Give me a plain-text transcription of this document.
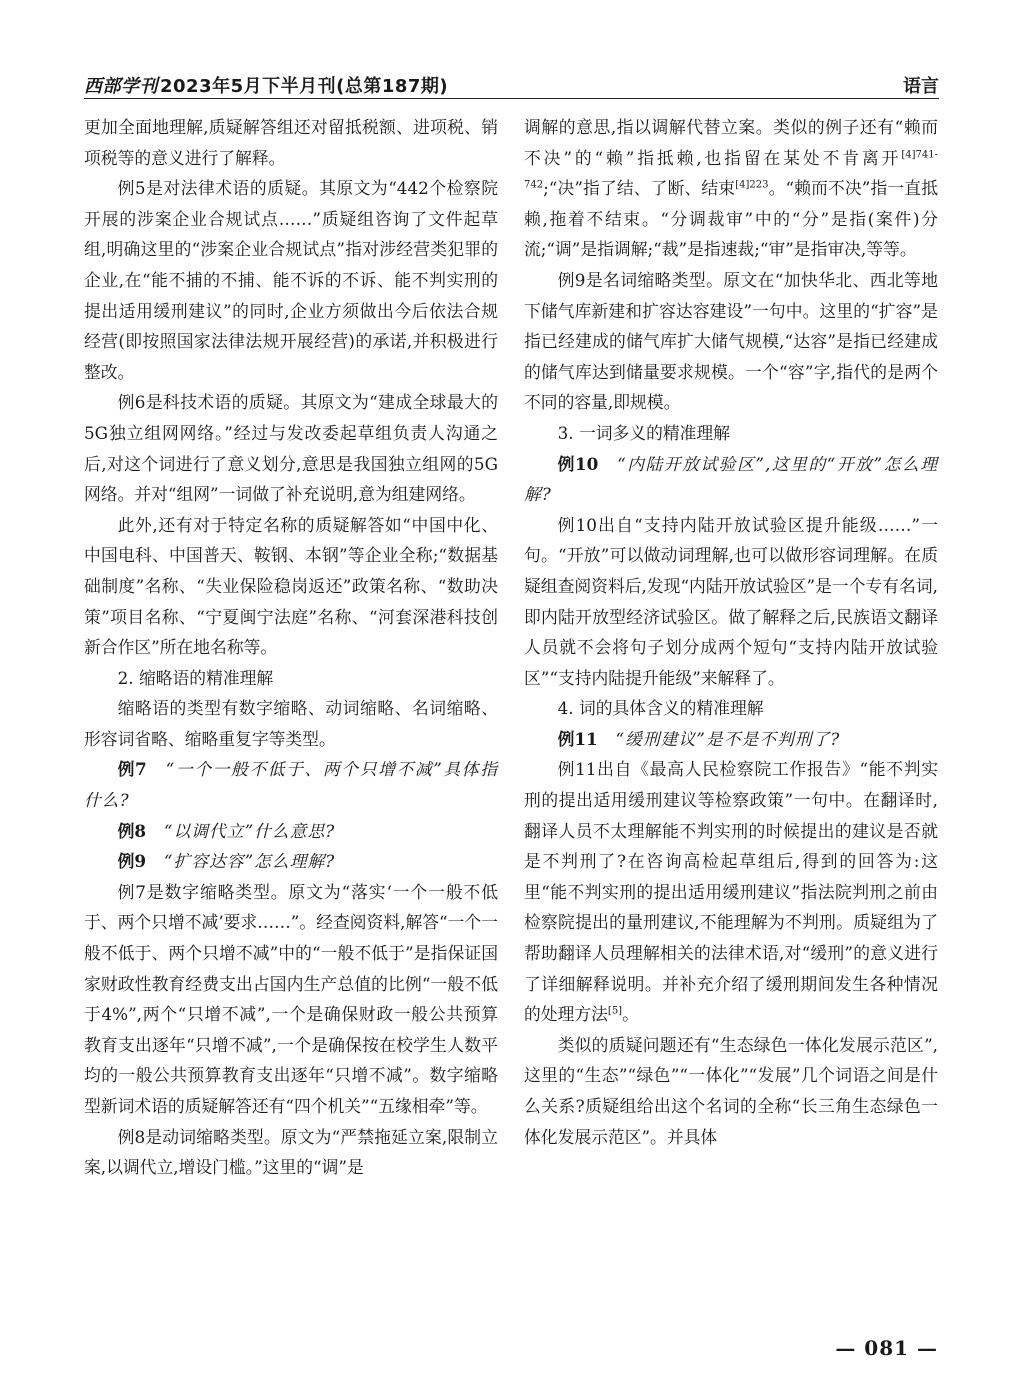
西部学刊 2023年5月下半月刊(总第187期)	语言

更加全面地理解,质疑解答组还对留抵税额、进项税、销项税等的意义进行了解释。

例5是对法律术语的质疑。其原文为“442个检察院开展的涉案企业合规试点……”质疑组咨询了文件起草组,明确这里的“涉案企业合规试点”指对涉经营类犯罪的企业,在“能不捕的不捕、能不诉的不诉、能不判实刑的提出适用缓刑建议”的同时,企业方须做出今后依法合规经营(即按照国家法律法规开展经营)的承诺,并积极进行整改。

例6是科技术语的质疑。其原文为“建成全球最大的5G独立组网网络。”经过与发改委起草组负责人沟通之后,对这个词进行了意义划分,意思是我国独立组网的5G网络。并对“组网”一词做了补充说明,意为组建网络。

此外,还有对于特定名称的质疑解答如“中国中化、中国电科、中国普天、鞍钢、本钢”等企业全称;“数据基础制度”名称、“失业保险稳岗返还”政策名称、“数助决策”项目名称、“宁夏闽宁法庭”名称、“河套深港科技创新合作区”所在地名称等。

2. 缩略语的精准理解

缩略语的类型有数字缩略、动词缩略、名词缩略、形容词省略、缩略重复字等类型。

例7　 “一个一般不低于、两个只增不减”具体指什么?

例8　 “以调代立”什么意思?

例9　 “扩容达容”怎么理解?

例7是数字缩略类型。原文为“落实‘一个一般不低于、两个只增不减’要求……”。经查阅资料,解答“一个一般不低于、两个只增不减”中的“一般不低于”是指保证国家财政性教育经费支出占国内生产总值的比例“一般不低于4%”,两个“只增不减”,一个是确保财政一般公共预算教育支出逐年“只增不减”,一个是确保按在校学生人数平均的一般公共预算教育支出逐年“只增不减”。数字缩略型新词术语的质疑解答还有“四个机关”“五缘相牵”等。

例8是动词缩略类型。原文为“严禁拖延立案,限制立案,以调代立,增设门槛。”这里的“调”是

调解的意思,指以调解代替立案。类似的例子还有“赖而不决”的“赖”指抵赖,也指留在某处不肯离开$^{[4]741-742}$;“决”指了结、了断、结束$^{[4]223}$。“赖而不决”指一直抵赖,拖着不结束。“分调裁审”中的“分”是指(案件)分流;“调”是指调解;“裁”是指速裁;“审”是指审决,等等。

例9是名词缩略类型。原文在“加快华北、西北等地下储气库新建和扩容达容建设”一句中。这里的“扩容”是指已经建成的储气库扩大储气规模,“达容”是指已经建成的储气库达到储量要求规模。一个“容”字,指代的是两个不同的容量,即规模。

3. 一词多义的精准理解

例10　 “内陆开放试验区”,这里的“开放”怎么理解?

例10出自“支持内陆开放试验区提升能级……”一句。“开放”可以做动词理解,也可以做形容词理解。在质疑组查阅资料后,发现“内陆开放试验区”是一个专有名词,即内陆开放型经济试验区。做了解释之后,民族语文翻译人员就不会将句子划分成两个短句“支持内陆开放试验区”“支持内陆提升能级”来解释了。

4. 词的具体含义的精准理解

例11　 “缓刑建议”是不是不判刑了?

例11出自《最高人民检察院工作报告》“能不判实刑的提出适用缓刑建议等检察政策”一句中。在翻译时,翻译人员不太理解能不判实刑的时候提出的建议是否就是不判刑了?在咨询高检起草组后,得到的回答为:这里“能不判实刑的提出适用缓刑建议”指法院判刑之前由检察院提出的量刑建议,不能理解为不判刑。质疑组为了帮助翻译人员理解相关的法律术语,对“缓刑”的意义进行了详细解释说明。并补充介绍了缓刑期间发生各种情况的处理方法[5]。

类似的质疑问题还有“生态绿色一体化发展示范区”,这里的“生态”“绿色”“一体化”“发展”几个词语之间是什么关系?质疑组给出这个名词的全称“长三角生态绿色一体化发展示范区”。并具体

— 081 —
